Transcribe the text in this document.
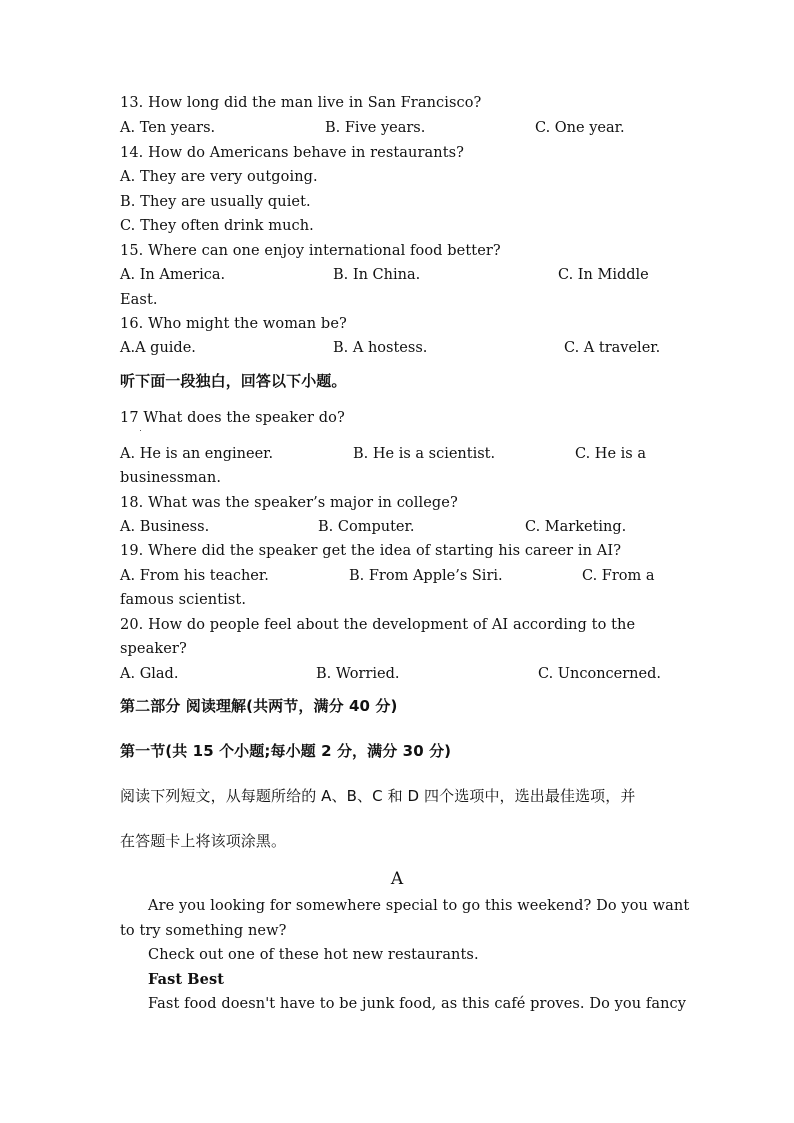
13. How long did the man live in San Francisco?
A. Ten years.	B. Five years.	C. One year.
14. How do Americans behave in restaurants?
A. They are very outgoing.
B. They are usually quiet.
C. They often drink much.
15. Where can one enjoy international food better?
A. In America.	B. In China.	C. In Middle
East.
16. Who might the woman be?
A.A guide.	B. A hostess.	C. A traveler.
听下面一段独白，回答以下小题。
17 What does the speaker do?
A. He is an engineer.	B. He is a scientist.	C. He is a
businessman.
18. What was the speaker’s major in college?
A. Business.	B. Computer.	C. Marketing.
19. Where did the speaker get the idea of starting his career in AI?
A. From his teacher.	B. From Apple’s Siri.	C. From a
famous scientist.
20. How do people feel about the development of AI according to the
speaker?
A. Glad.	B. Worried.	C. Unconcerned.
第二部分 阅读理解(共两节，满分 40 分)
第一节(共 15 个小题;每小题 2 分，满分 30 分)
阅读下列短文，从每题所给的 A、B、C 和 D 四个选项中，选出最佳选项，并
在答题卡上将该项涂黑。
A
Are you looking for somewhere special to go this weekend? Do you want
to try something new?
Check out one of these hot new restaurants.
Fast Best
Fast food doesn't have to be junk food, as this café proves. Do you fancy
